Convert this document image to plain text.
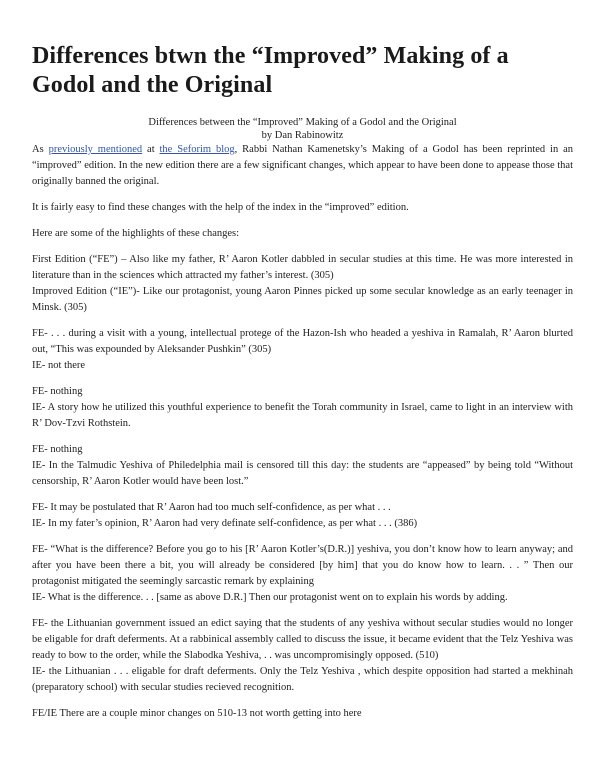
Differences btwn the “Improved” Making of a Godol and the Original
Differences between the “Improved” Making of a Godol and the Original
by Dan Rabinowitz

As previously mentioned at the Seforim blog, Rabbi Nathan Kamenetsky’s Making of a Godol has been reprinted in an “improved” edition. In the new edition there are a few significant changes, which appear to have been done to appease those that originally banned the original.

It is fairly easy to find these changes with the help of the index in the “improved” edition.

Here are some of the highlights of these changes:

First Edition (“FE”) – Also like my father, R’ Aaron Kotler dabbled in secular studies at this time. He was more interested in literature than in the sciences which attracted my father’s interest. (305)

Improved Edition (“IE”)- Like our protagonist, young Aaron Pinnes picked up some secular knowledge as an early teenager in Minsk. (305)

FE- . . . during a visit with a young, intellectual protege of the Hazon-Ish who headed a yeshiva in Ramalah, R’ Aaron blurted out, “This was expounded by Aleksander Pushkin” (305)

IE- not there

FE- nothing

IE- A story how he utilized this youthful experience to benefit the Torah community in Israel, came to light in an interview with R’ Dov-Tzvi Rothstein.

FE- nothing

IE- In the Talmudic Yeshiva of Philedelphia mail is censored till this day: the students are “appeased” by being told “Without censorship, R’ Aaron Kotler would have been lost.”

FE- It may be postulated that R’ Aaron had too much self-confidence, as per what . . .

IE- In my fater’s opinion, R’ Aaron had very definate self-confidence, as per what . . . (386)

FE- “What is the difference? Before you go to his [R’ Aaron Kotler’s(D.R.)] yeshiva, you don’t know how to learn anyway; and after you have been there a bit, you will already be considered [by him] that you do know how to learn. . . ” Then our protagonist mitigated the seemingly sarcastic remark by explaining

IE- What is the difference. . . [same as above D.R.] Then our protagonist went on to explain his words by adding.

FE- the Lithuanian government issued an edict saying that the students of any yeshiva without secular studies would no longer be eligable for draft deferments. At a rabbinical assembly called to discuss the issue, it became evident that the Telz Yeshiva was ready to bow to the order, while the Slabodka Yeshiva, . . was uncompromisingly opposed. (510)

IE- the Lithuanian . . . eligable for draft deferments. Only the Telz Yeshiva , which despite opposition had started a mekhinah (preparatory school) with secular studies recieved recognition.

FE/IE There are a couple minor changes on 510-13 not worth getting into here
